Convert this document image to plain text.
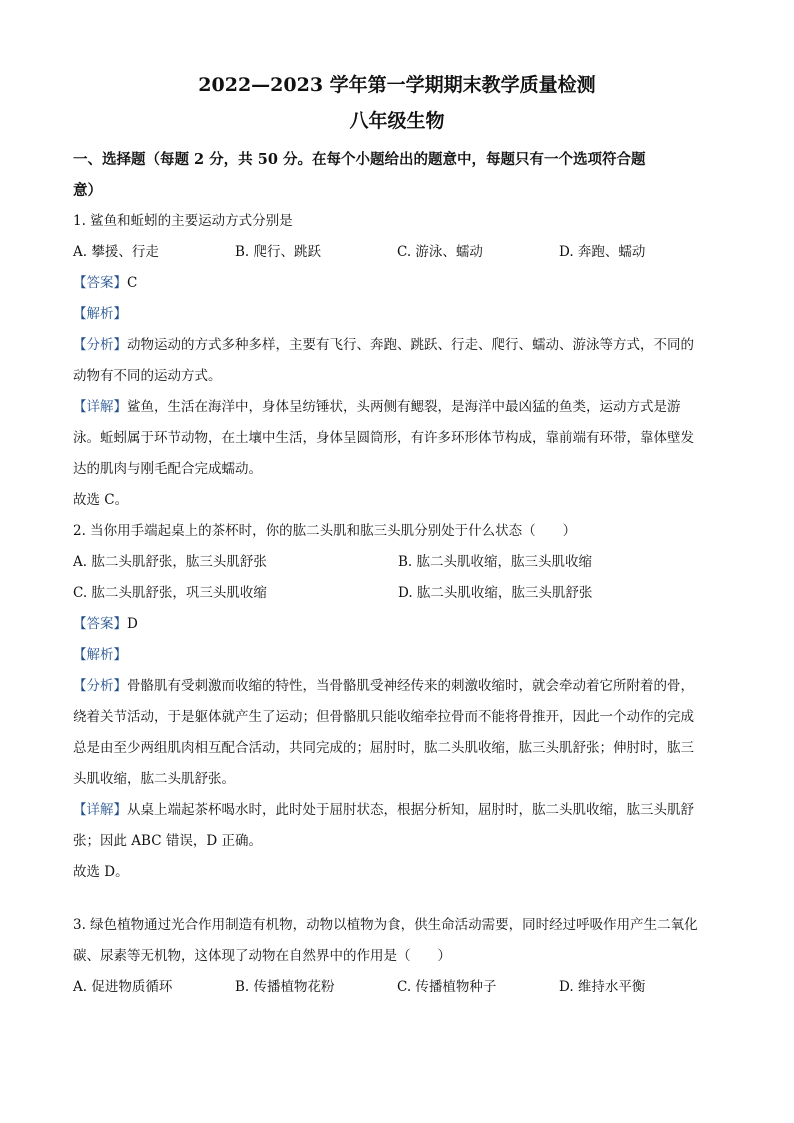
2022—2023 学年第一学期期末教学质量检测
八年级生物

一、选择题（每题 2 分，共 50 分。在每个小题给出的题意中，每题只有一个选项符合题

意）

1. 鲨鱼和蚯蚓的主要运动方式分别是

A. 攀援、行走	B. 爬行、跳跃	C. 游泳、蠕动	D. 奔跑、蠕动

【答案】C

【解析】

【分析】动物运动的方式多种多样，主要有飞行、奔跑、跳跃、行走、爬行、蠕动、游泳等方式，不同的

动物有不同的运动方式。

【详解】鲨鱼，生活在海洋中，身体呈纺锤状，头两侧有鳃裂，是海洋中最凶猛的鱼类，运动方式是游

泳。蚯蚓属于环节动物，在土壤中生活，身体呈圆筒形，有许多环形体节构成，靠前端有环带，靠体壁发

达的肌肉与刚毛配合完成蠕动。

故选 C。

2. 当你用手端起桌上的茶杯时，你的肱二头肌和肱三头肌分别处于什么状态（　　）

A. 肱二头肌舒张，肱三头肌舒张	B. 肱二头肌收缩，肱三头肌收缩
C. 肱二头肌舒张，巩三头肌收缩	D. 肱二头肌收缩，肱三头肌舒张

【答案】D

【解析】

【分析】骨骼肌有受刺激而收缩的特性，当骨骼肌受神经传来的刺激收缩时，就会牵动着它所附着的骨，

绕着关节活动，于是躯体就产生了运动；但骨骼肌只能收缩牵拉骨而不能将骨推开，因此一个动作的完成

总是由至少两组肌肉相互配合活动，共同完成的；屈肘时，肱二头肌收缩，肱三头肌舒张；伸肘时，肱三

头肌收缩，肱二头肌舒张。

【详解】从桌上端起茶杯喝水时，此时处于屈肘状态，根据分析知，屈肘时，肱二头肌收缩，肱三头肌舒

张；因此 ABC 错误，D 正确。

故选 D。

3. 绿色植物通过光合作用制造有机物，动物以植物为食，供生命活动需要，同时经过呼吸作用产生二氧化

碳、尿素等无机物，这体现了动物在自然界中的作用是（　　）

A. 促进物质循环	B. 传播植物花粉	C. 传播植物种子	D. 维持水平衡
